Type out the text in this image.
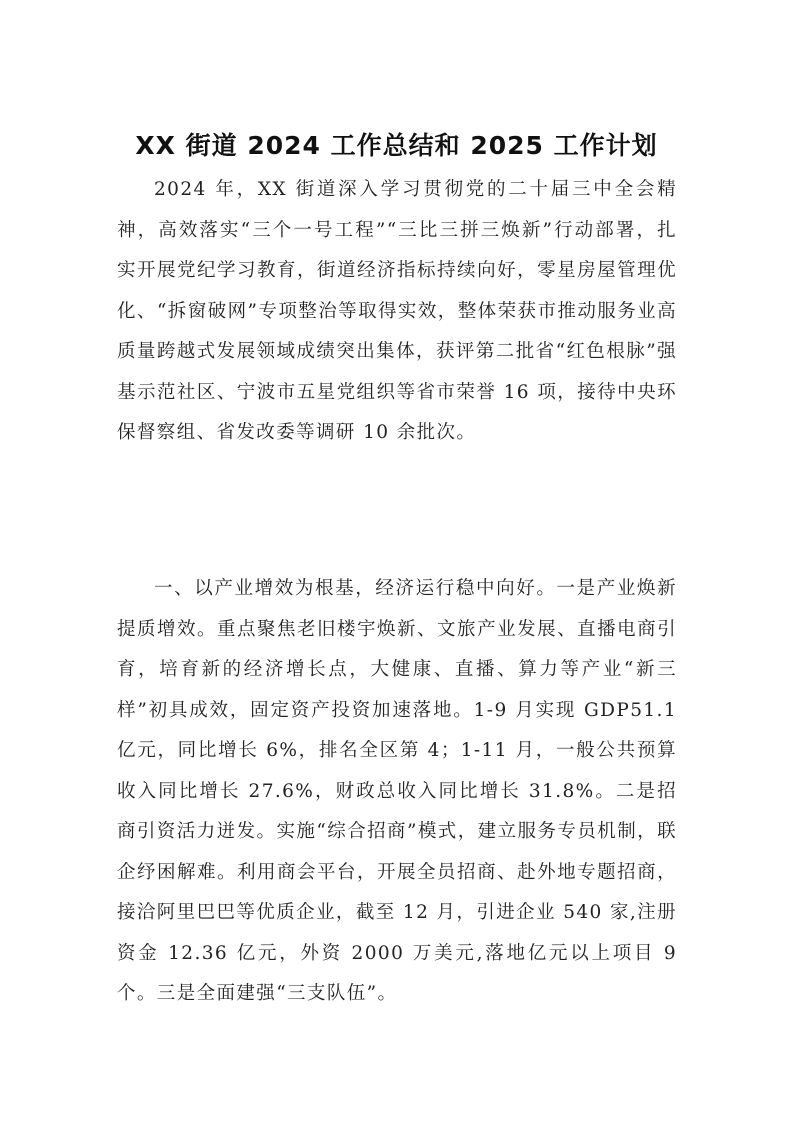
XX 街道 2024 工作总结和 2025 工作计划

2024 年，XX 街道深入学习贯彻党的二十届三中全会精神，高效落实“三个一号工程”“三比三拼三焕新”行动部署，扎实开展党纪学习教育，街道经济指标持续向好，零星房屋管理优化、“拆窗破网”专项整治等取得实效，整体荣获市推动服务业高质量跨越式发展领域成绩突出集体，获评第二批省“红色根脉”强基示范社区、宁波市五星党组织等省市荣誉 16 项，接待中央环保督察组、省发改委等调研 10 余批次。

一、以产业增效为根基，经济运行稳中向好。一是产业焕新提质增效。重点聚焦老旧楼宇焕新、文旅产业发展、直播电商引育，培育新的经济增长点，大健康、直播、算力等产业“新三样”初具成效，固定资产投资加速落地。1-9 月实现 GDP51.1 亿元，同比增长 6%，排名全区第 4；1-11 月，一般公共预算收入同比增长 27.6%，财政总收入同比增长 31.8%。二是招商引资活力迸发。实施“综合招商”模式，建立服务专员机制，联企纾困解难。利用商会平台，开展全员招商、赴外地专题招商，接洽阿里巴巴等优质企业，截至 12 月，引进企业 540 家,注册资金 12.36 亿元，外资 2000 万美元,落地亿元以上项目 9 个。三是全面建强“三支队伍”。
